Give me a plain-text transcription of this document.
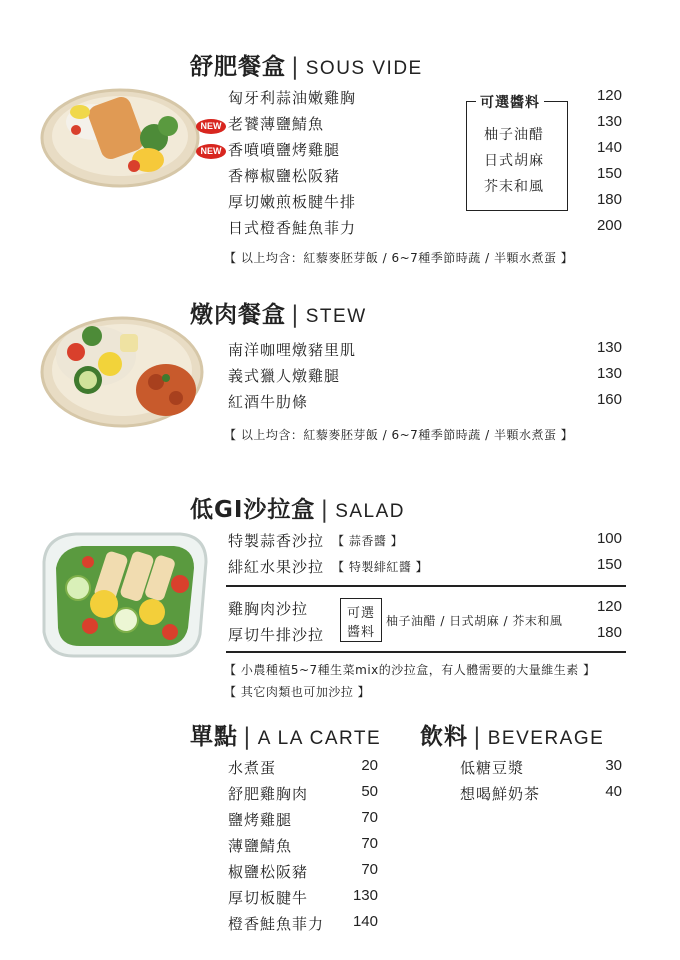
舒肥餐盒 | SOUS VIDE
NEW
NEW
匈牙利蒜油嫩雞胸
老饕薄鹽鯖魚
香噴噴鹽烤雞腿
香檸椒鹽松阪豬
厚切嫩煎板腱牛排
日式橙香鮭魚菲力
可選醬料
柚子油醋
日式胡麻
芥末和風
120
130
140
150
180
200
【 以上均含：紅藜麥胚芽飯 / 6~7種季節時蔬 / 半顆水煮蛋 】
燉肉餐盒 | STEW
南洋咖哩燉豬里肌
義式獵人燉雞腿
紅酒牛肋條
130
130
160
【 以上均含：紅藜麥胚芽飯 / 6~7種季節時蔬 / 半顆水煮蛋 】
低GI沙拉盒 | SALAD
特製蒜香沙拉 【 蒜香醬 】
緋紅水果沙拉 【 特製緋紅醬 】
100
150
雞胸肉沙拉
厚切牛排沙拉
可選
醬料
柚子油醋 / 日式胡麻 / 芥末和風
120
180
【 小農種植5~7種生菜mix的沙拉盒，有人體需要的大量維生素 】
【 其它肉類也可加沙拉 】
單點 | A LA CARTE
水煮蛋
舒肥雞胸肉
鹽烤雞腿
薄鹽鯖魚
椒鹽松阪豬
厚切板腱牛
橙香鮭魚菲力
20
50
70
70
70
130
140
飲料 | BEVERAGE
低糖豆漿
想喝鮮奶茶
30
40
